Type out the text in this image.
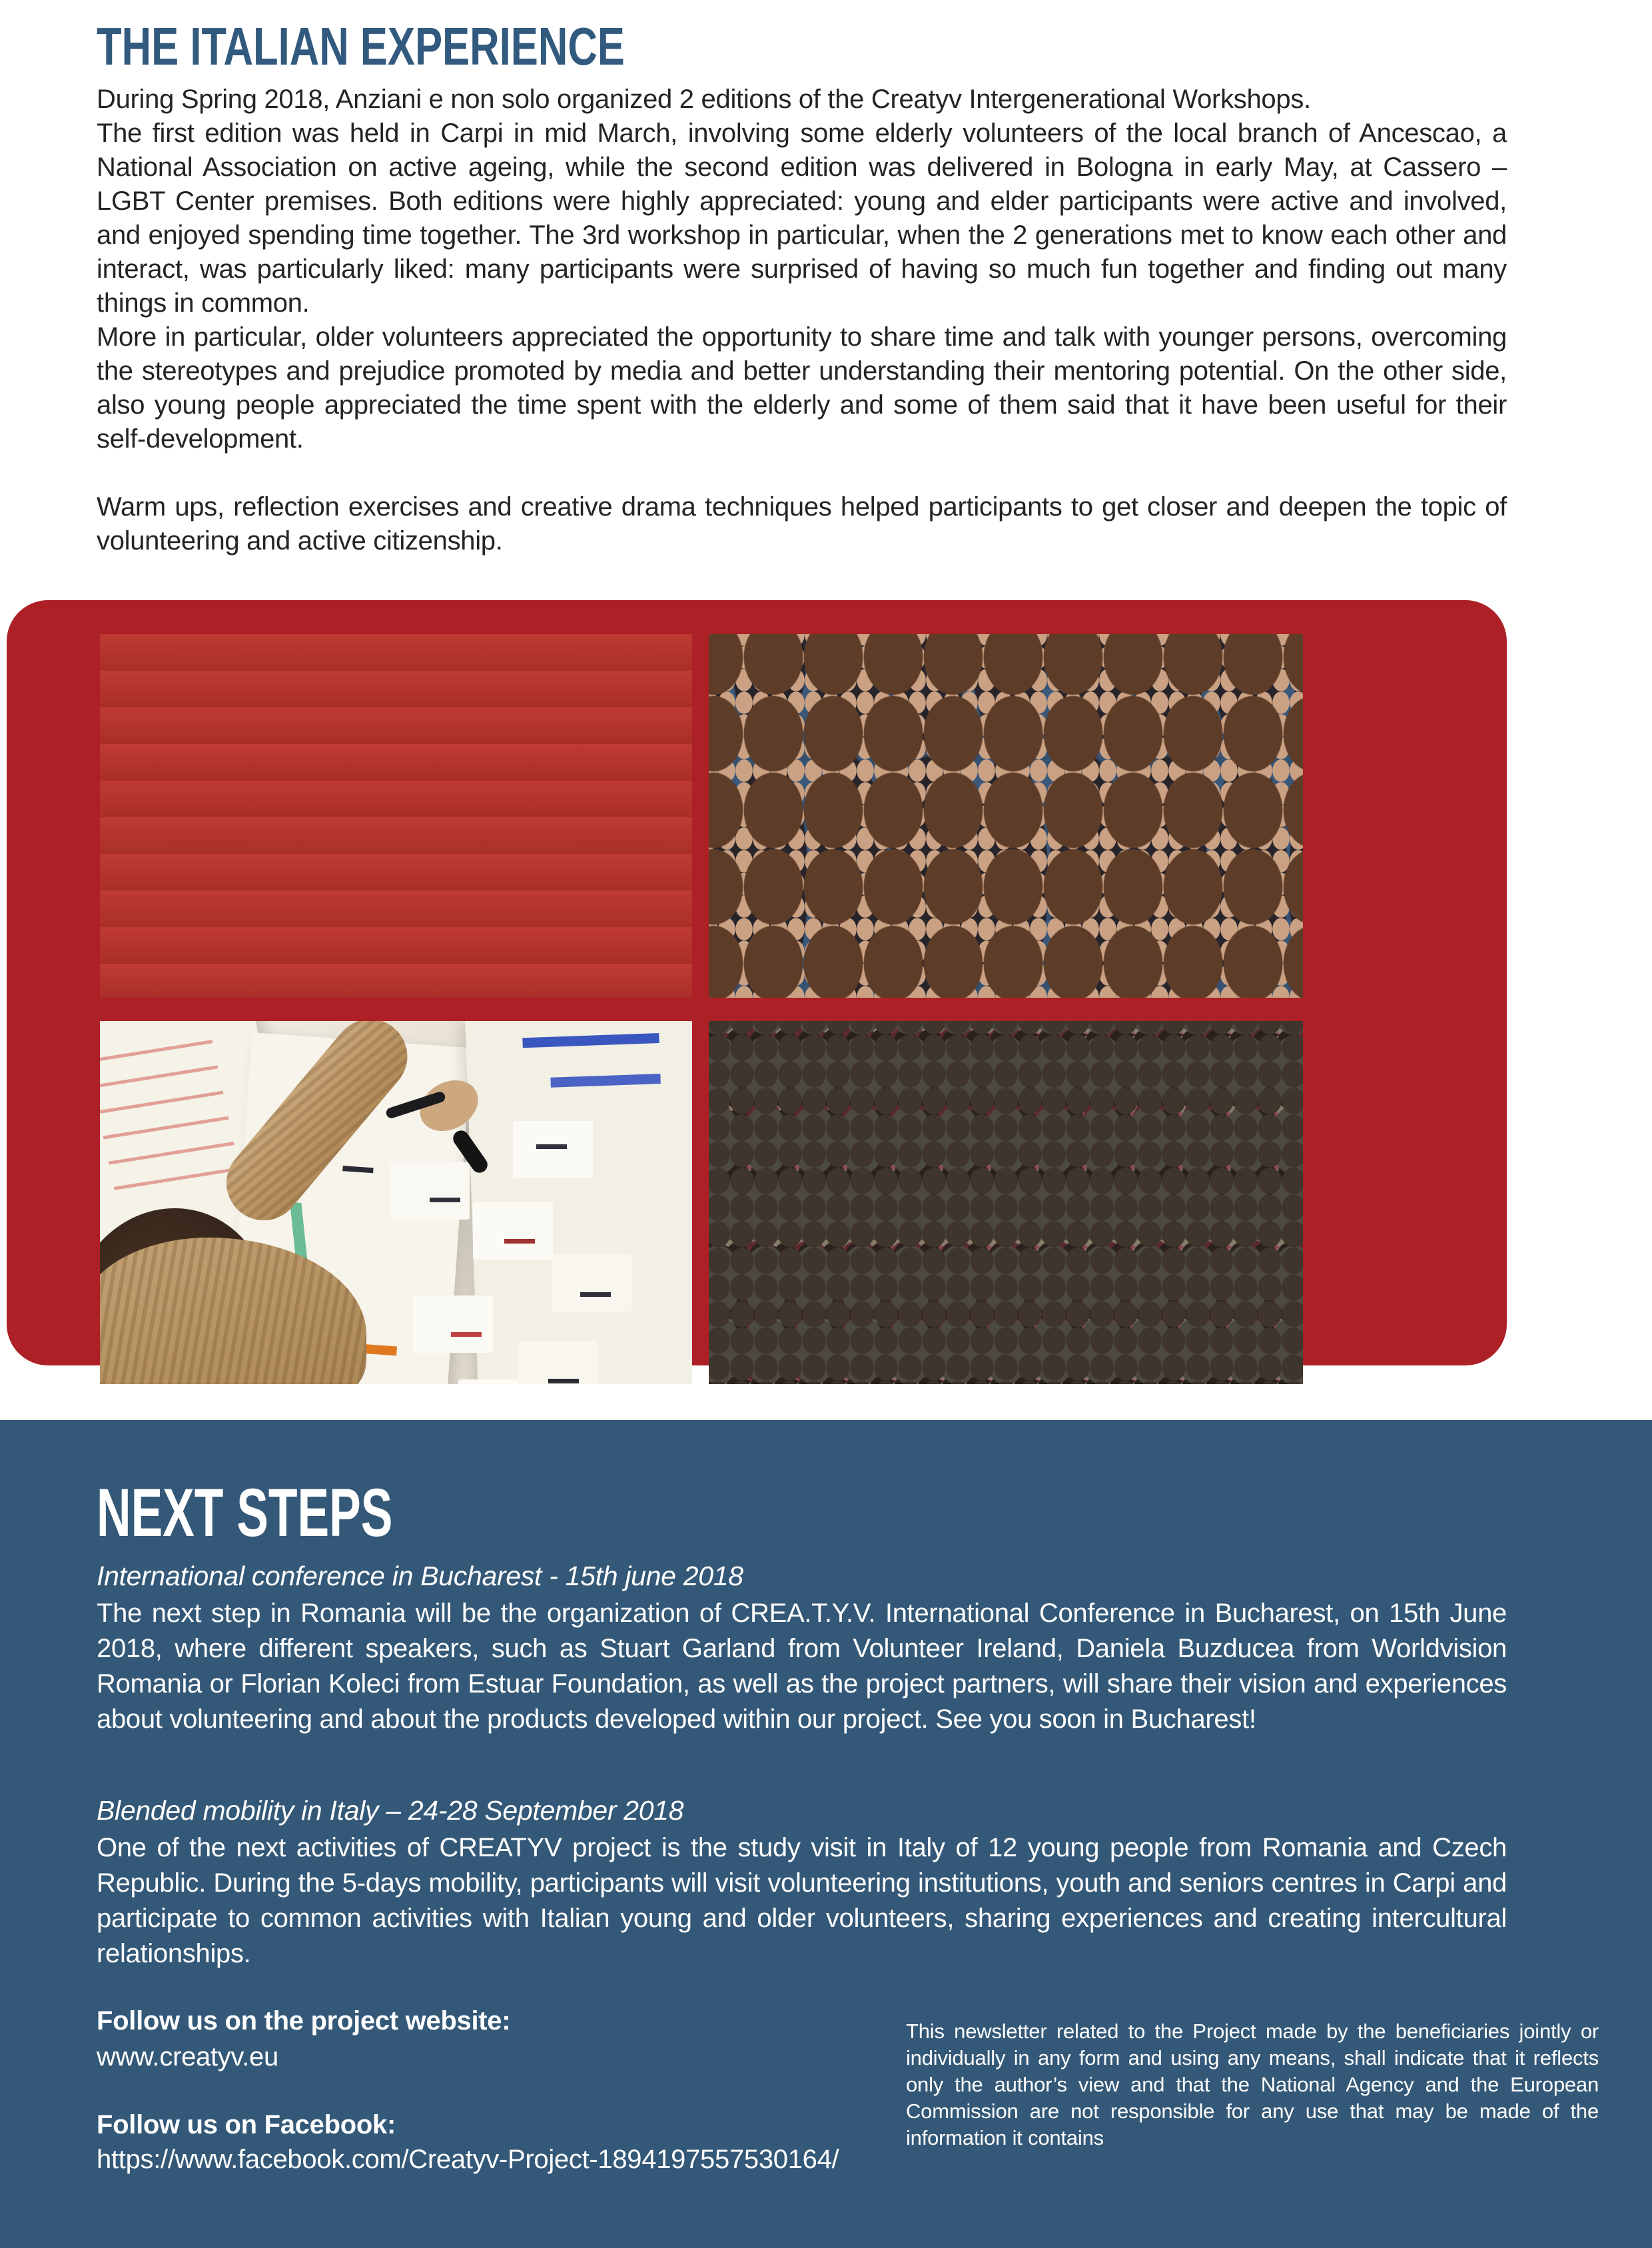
THE ITALIAN EXPERIENCE

During Spring 2018, Anziani e non solo organized 2 editions of the Creatyv Intergenerational Workshops.

The first edition was held in Carpi in mid March, involving some elderly volunteers of the local branch of Ancescao, a National Association on active ageing, while the second edition was delivered in Bologna in early May, at Cassero – LGBT Center premises. Both editions were highly appreciated: young and elder participants were active and involved, and enjoyed spending time together. The 3rd workshop in particular, when the 2 generations met to know each other and interact, was particularly liked: many participants were surprised of having so much fun together and finding out many things in common.

More in particular, older volunteers appreciated the opportunity to share time and talk with younger persons, overcoming the stereotypes and prejudice promoted by media and better understanding their mentoring potential. On the other side, also young people appreciated the time spent with the elderly and some of them said that it have been useful for their self-development.

Warm ups, reflection exercises and creative drama techniques helped participants to get closer and deepen the topic of volunteering and active citizenship.

NEXT STEPS

International conference in Bucharest - 15th june 2018

The next step in Romania will be the organization of CREA.T.Y.V. International Conference in Bucharest, on 15th June 2018, where different speakers, such as Stuart Garland from Volunteer Ireland, Daniela Buzducea from Worldvision Romania or Florian Koleci from Estuar Foundation, as well as the project partners, will share their vision and experiences about volunteering and about the products developed within our project. See you soon in Bucharest!

Blended mobility in Italy – 24-28 September 2018

One of the next activities of CREATYV project is the study visit in Italy of 12 young people from Romania and Czech Republic. During the 5-days mobility, participants will visit volunteering institutions, youth and seniors centres in Carpi and participate to common activities with Italian young and older volunteers, sharing experiences and creating intercultural relationships.

Follow us on the project website:

www.creatyv.eu

Follow us on Facebook:

https://www.facebook.com/Creatyv-Project-1894197557530164/

This newsletter related to the Project made by the beneficiaries jointly or individually in any form and using any means, shall indicate that it reflects only the author’s view and that the National Agency and the European Commission are not responsible for any use that may be made of the information it contains
